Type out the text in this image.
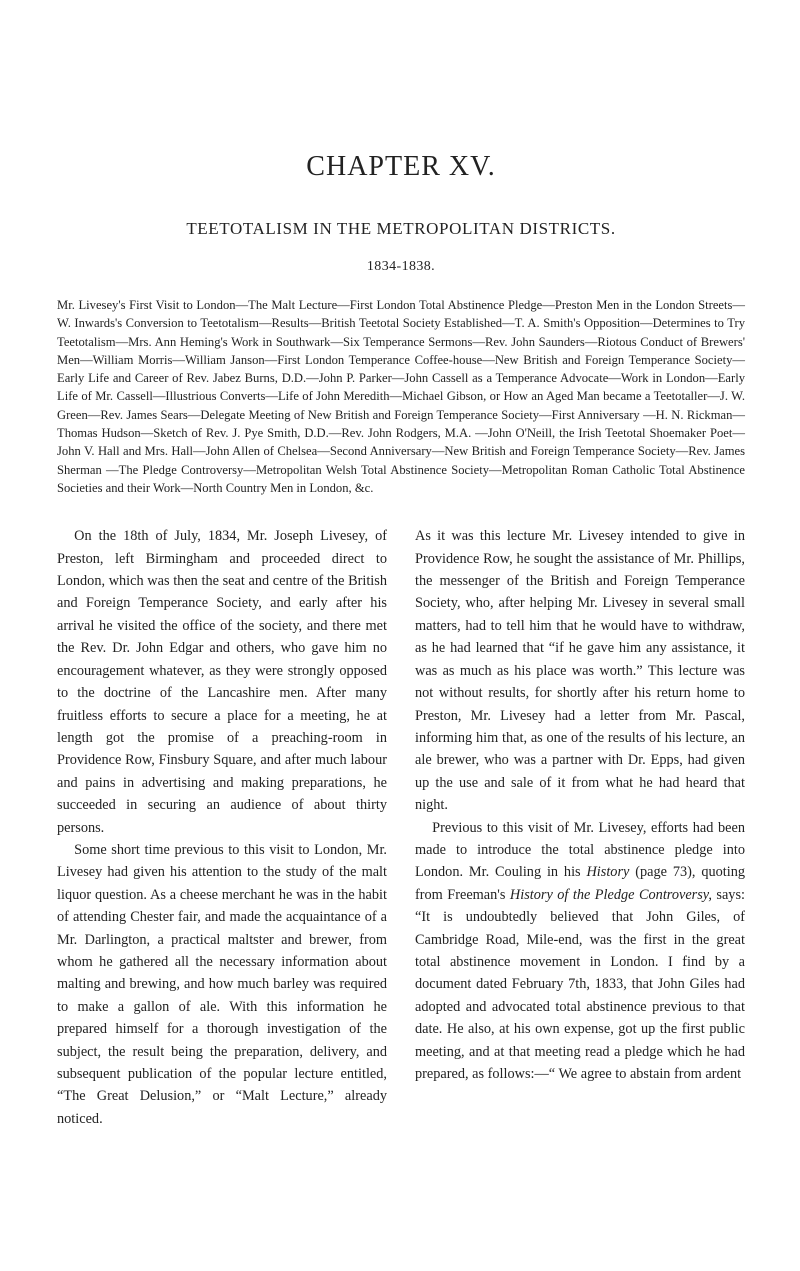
CHAPTER XV.
TEETOTALISM IN THE METROPOLITAN DISTRICTS.
1834-1838.

Mr. Livesey's First Visit to London—The Malt Lecture—First London Total Abstinence Pledge—Preston Men in the London Streets—W. Inwards's Conversion to Teetotalism—Results—British Teetotal Society Established—T. A. Smith's Opposition—Determines to Try Teetotalism—Mrs. Ann Heming's Work in Southwark—Six Temperance Sermons—Rev. John Saunders—Riotous Conduct of Brewers' Men—William Morris—William Janson—First London Temperance Coffee-house—New British and Foreign Temperance Society—Early Life and Career of Rev. Jabez Burns, D.D.—John P. Parker—John Cassell as a Temperance Advocate—Work in London—Early Life of Mr. Cassell—Illustrious Converts—Life of John Meredith—Michael Gibson, or How an Aged Man became a Teetotaller—J. W. Green—Rev. James Sears—Delegate Meeting of New British and Foreign Temperance Society—First Anniversary —H. N. Rickman—Thomas Hudson—Sketch of Rev. J. Pye Smith, D.D.—Rev. John Rodgers, M.A. —John O'Neill, the Irish Teetotal Shoemaker Poet—John V. Hall and Mrs. Hall—John Allen of Chelsea—Second Anniversary—New British and Foreign Temperance Society—Rev. James Sherman —The Pledge Controversy—Metropolitan Welsh Total Abstinence Society—Metropolitan Roman Catholic Total Abstinence Societies and their Work—North Country Men in London, &c.

On the 18th of July, 1834, Mr. Joseph Livesey, of Preston, left Birmingham and proceeded direct to London, which was then the seat and centre of the British and Foreign Temperance Society, and early after his arrival he visited the office of the society, and there met the Rev. Dr. John Edgar and others, who gave him no encouragement whatever, as they were strongly opposed to the doctrine of the Lancashire men. After many fruitless efforts to secure a place for a meeting, he at length got the promise of a preaching-room in Providence Row, Finsbury Square, and after much labour and pains in advertising and making preparations, he succeeded in securing an audience of about thirty persons.

Some short time previous to this visit to London, Mr. Livesey had given his attention to the study of the malt liquor question. As a cheese merchant he was in the habit of attending Chester fair, and made the acquaintance of a Mr. Darlington, a practical maltster and brewer, from whom he gathered all the necessary information about malting and brewing, and how much barley was required to make a gallon of ale. With this information he prepared himself for a thorough investigation of the subject, the result being the preparation, delivery, and subsequent publication of the popular lecture entitled, “The Great Delusion,” or “Malt Lecture,” already noticed.

As it was this lecture Mr. Livesey intended to give in Providence Row, he sought the assistance of Mr. Phillips, the messenger of the British and Foreign Temperance Society, who, after helping Mr. Livesey in several small matters, had to tell him that he would have to withdraw, as he had learned that “if he gave him any assistance, it was as much as his place was worth.” This lecture was not without results, for shortly after his return home to Preston, Mr. Livesey had a letter from Mr. Pascal, informing him that, as one of the results of his lecture, an ale brewer, who was a partner with Dr. Epps, had given up the use and sale of it from what he had heard that night.

Previous to this visit of Mr. Livesey, efforts had been made to introduce the total abstinence pledge into London. Mr. Couling in his History (page 73), quoting from Freeman's History of the Pledge Controversy, says: “It is undoubtedly believed that John Giles, of Cambridge Road, Mile-end, was the first in the great total abstinence movement in London. I find by a document dated February 7th, 1833, that John Giles had adopted and advocated total abstinence previous to that date. He also, at his own expense, got up the first public meeting, and at that meeting read a pledge which he had prepared, as follows:—“ We agree to abstain from ardent
